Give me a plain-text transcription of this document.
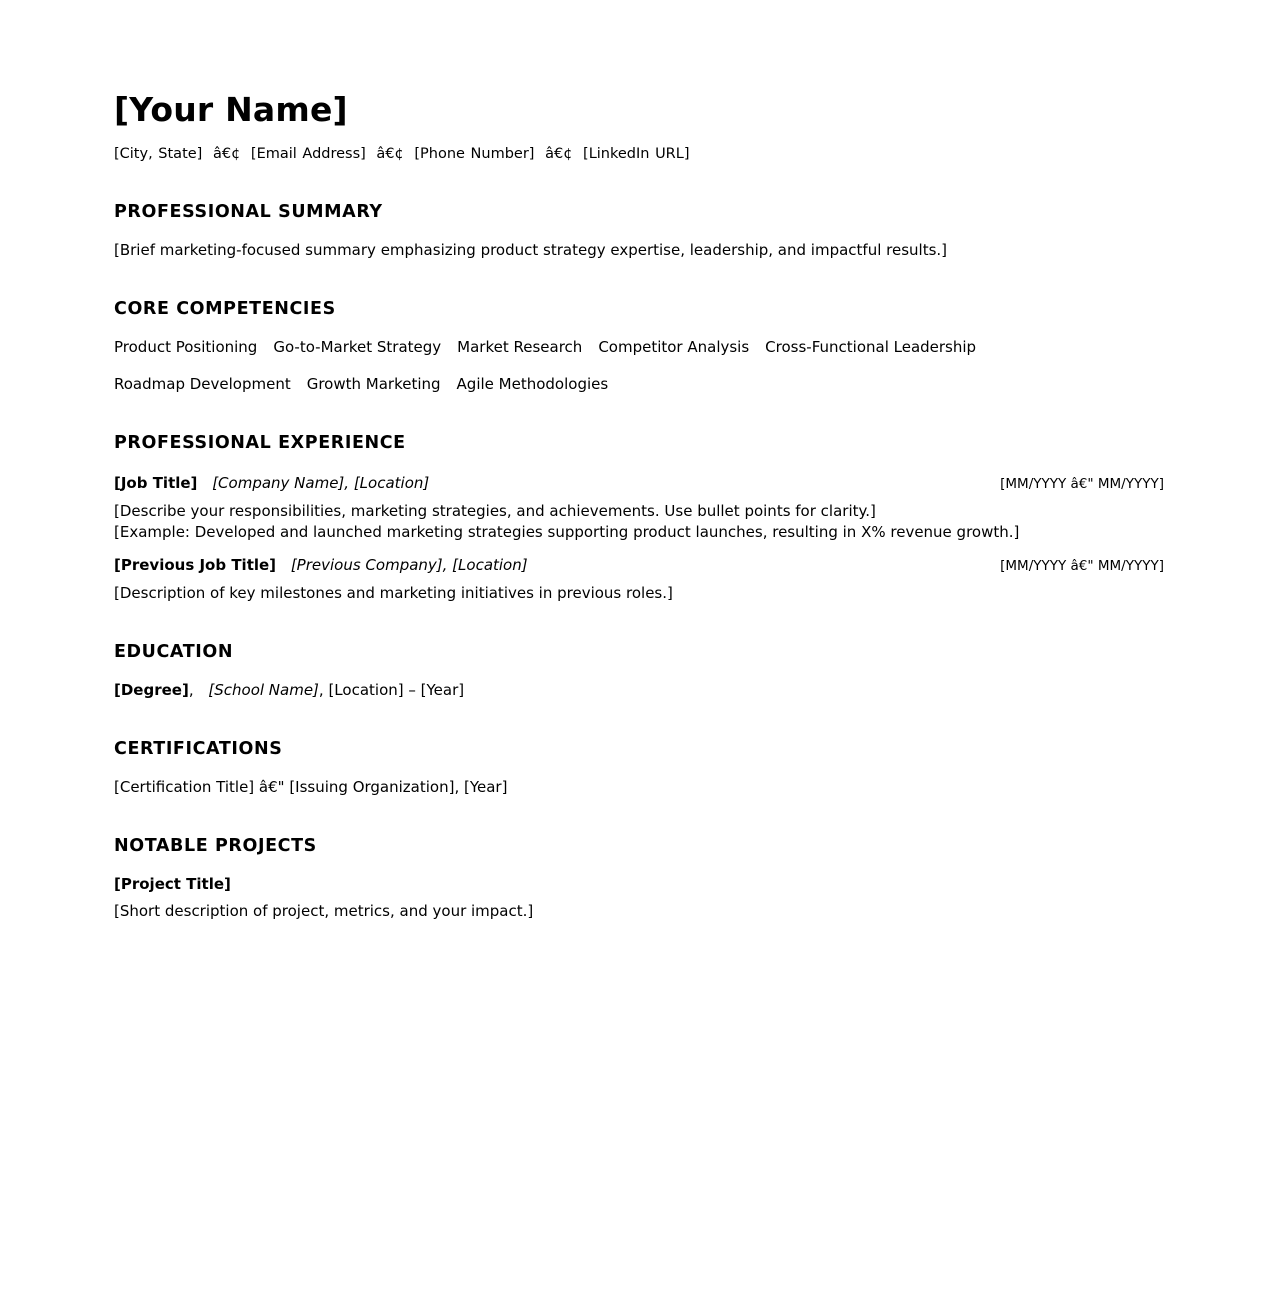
[Your Name]
[City, State] â€¢ [Email Address] â€¢ [Phone Number] â€¢ [LinkedIn URL]
PROFESSIONAL SUMMARY
[Brief marketing-focused summary emphasizing product strategy expertise, leadership, and impactful results.]
CORE COMPETENCIES
Product Positioning Go-to-Market Strategy Market Research Competitor Analysis Cross-Functional Leadership
Roadmap Development Growth Marketing Agile Methodologies
PROFESSIONAL EXPERIENCE
[Job Title] [Company Name], [Location]	[MM/YYYY â€" MM/YYYY]
[Describe your responsibilities, marketing strategies, and achievements. Use bullet points for clarity.]
[Example: Developed and launched marketing strategies supporting product launches, resulting in X% revenue growth.]
[Previous Job Title] [Previous Company], [Location]	[MM/YYYY â€" MM/YYYY]
[Description of key milestones and marketing initiatives in previous roles.]
EDUCATION
[Degree], [School Name], [Location] – [Year]
CERTIFICATIONS
[Certification Title] â€" [Issuing Organization], [Year]
NOTABLE PROJECTS
[Project Title]
[Short description of project, metrics, and your impact.]
